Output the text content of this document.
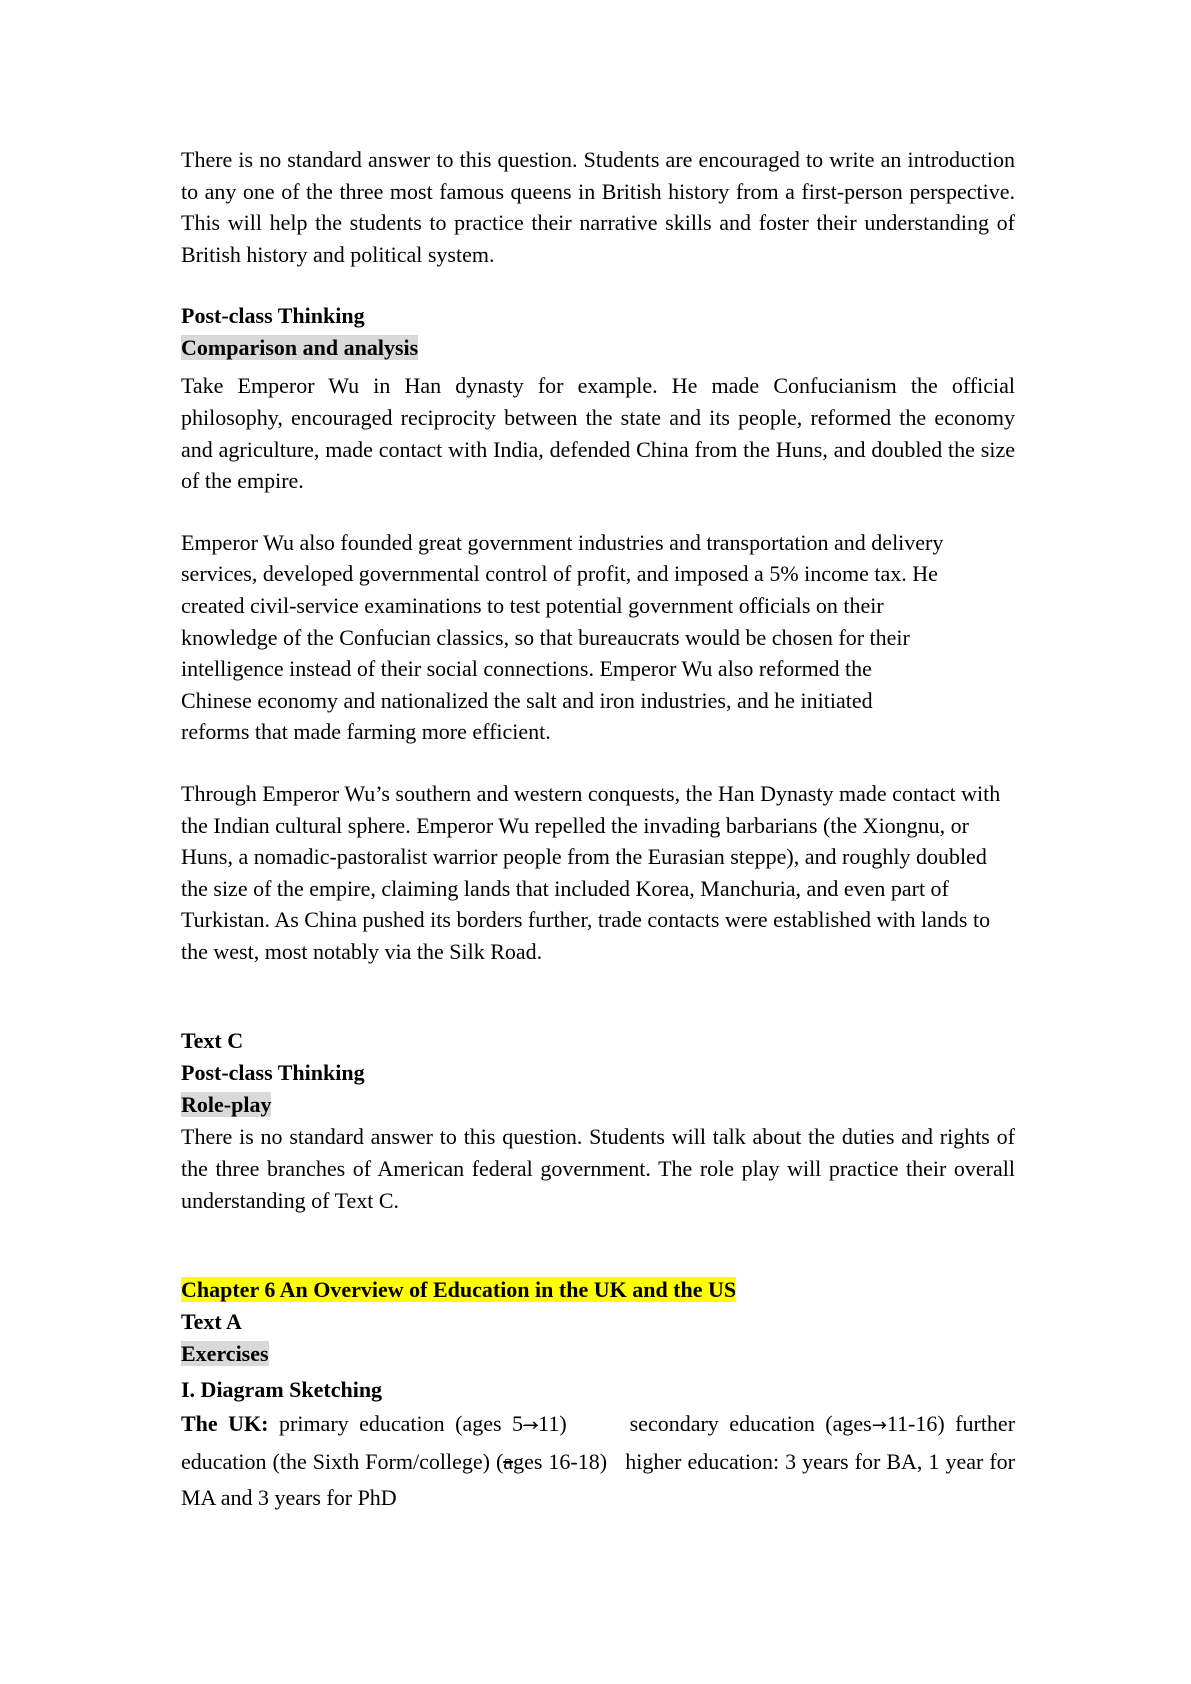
There is no standard answer to this question. Students are encouraged to write an introduction to any one of the three most famous queens in British history from a first-person perspective. This will help the students to practice their narrative skills and foster their understanding of British history and political system.

Post-class Thinking

Comparison and analysis

Take Emperor Wu in Han dynasty for example. He made Confucianism the official philosophy, encouraged reciprocity between the state and its people, reformed the economy and agriculture, made contact with India, defended China from the Huns, and doubled the size of the empire.

Emperor Wu also founded great government industries and transportation and delivery services, developed governmental control of profit, and imposed a 5% income tax. He created civil-service examinations to test potential government officials on their knowledge of the Confucian classics, so that bureaucrats would be chosen for their intelligence instead of their social connections. Emperor Wu also reformed the Chinese economy and nationalized the salt and iron industries, and he initiated reforms that made farming more efficient.

Through Emperor Wu’s southern and western conquests, the Han Dynasty made contact with the Indian cultural sphere. Emperor Wu repelled the invading barbarians (the Xiongnu, or Huns, a nomadic-pastoralist warrior people from the Eurasian steppe), and roughly doubled the size of the empire, claiming lands that included Korea, Manchuria, and even part of Turkistan. As China pushed its borders further, trade contacts were established with lands to the west, most notably via the Silk Road.

Text C

Post-class Thinking

Role-play

There is no standard answer to this question. Students will talk about the duties and rights of the three branches of American federal government. The role play will practice their overall understanding of Text C.

Chapter 6 An Overview of Education in the UK and the US

Text A

Exercises

I. Diagram Sketching

The UK: primary education (ages 5→11)	secondary education (ages→11-16) further education (the Sixth Form/college) (ages 16-18) higher education: 3 years for BA, 1 year for MA and 3 years for PhD
